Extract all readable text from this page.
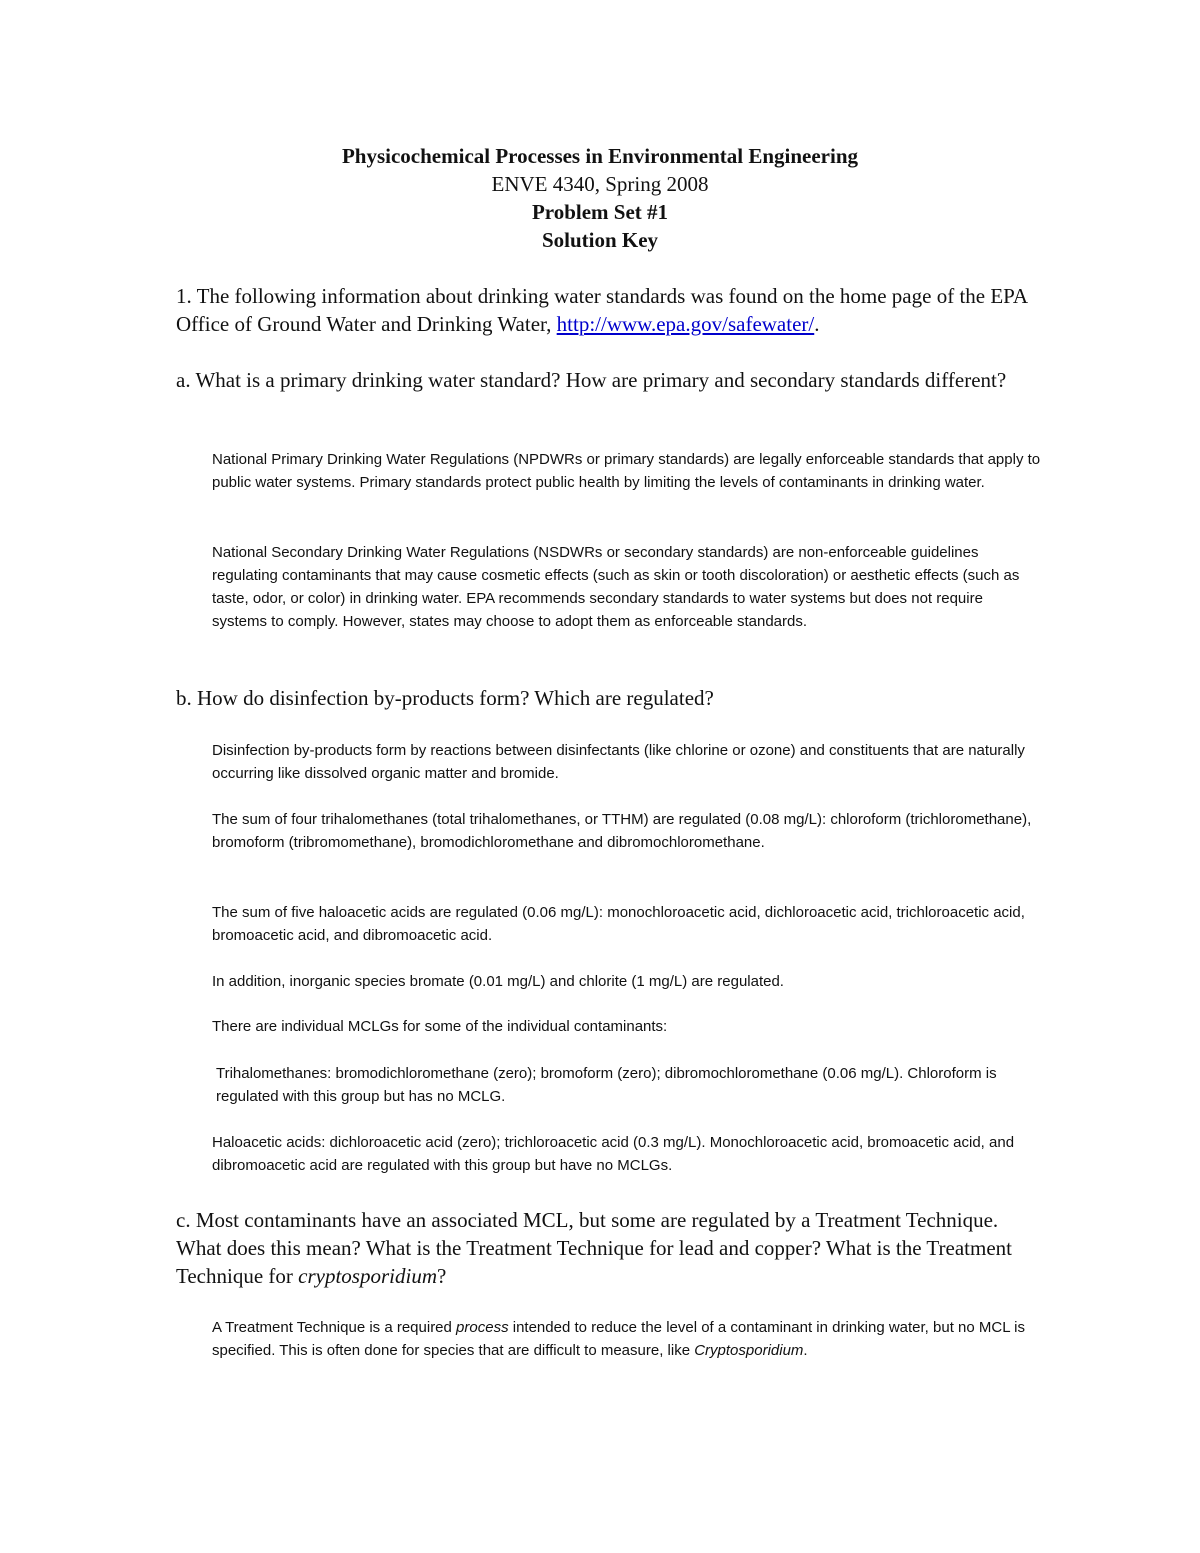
Physicochemical Processes in Environmental Engineering
ENVE 4340, Spring 2008
Problem Set #1
Solution Key

1. The following information about drinking water standards was found on the home page of the EPA Office of Ground Water and Drinking Water, http://www.epa.gov/safewater/.

a. What is a primary drinking water standard? How are primary and secondary standards different?

National Primary Drinking Water Regulations (NPDWRs or primary standards) are legally enforceable standards that apply to public water systems. Primary standards protect public health by limiting the levels of contaminants in drinking water.

National Secondary Drinking Water Regulations (NSDWRs or secondary standards) are non-enforceable guidelines regulating contaminants that may cause cosmetic effects (such as skin or tooth discoloration) or aesthetic effects (such as taste, odor, or color) in drinking water. EPA recommends secondary standards to water systems but does not require systems to comply. However, states may choose to adopt them as enforceable standards.

b. How do disinfection by-products form? Which are regulated?

Disinfection by-products form by reactions between disinfectants (like chlorine or ozone) and constituents that are naturally occurring like dissolved organic matter and bromide.

The sum of four trihalomethanes (total trihalomethanes, or TTHM) are regulated (0.08 mg/L): chloroform (trichloromethane), bromoform (tribromomethane), bromodichloromethane and dibromochloromethane.

The sum of five haloacetic acids are regulated (0.06 mg/L): monochloroacetic acid, dichloroacetic acid, trichloroacetic acid, bromoacetic acid, and dibromoacetic acid.

In addition, inorganic species bromate (0.01 mg/L) and chlorite (1 mg/L) are regulated.

There are individual MCLGs for some of the individual contaminants:

Trihalomethanes: bromodichloromethane (zero); bromoform (zero); dibromochloromethane (0.06 mg/L). Chloroform is regulated with this group but has no MCLG.

Haloacetic acids: dichloroacetic acid (zero); trichloroacetic acid (0.3 mg/L). Monochloroacetic acid, bromoacetic acid, and dibromoacetic acid are regulated with this group but have no MCLGs.

c. Most contaminants have an associated MCL, but some are regulated by a Treatment Technique. What does this mean? What is the Treatment Technique for lead and copper? What is the Treatment Technique for cryptosporidium?

A Treatment Technique is a required process intended to reduce the level of a contaminant in drinking water, but no MCL is specified. This is often done for species that are difficult to measure, like Cryptosporidium.
